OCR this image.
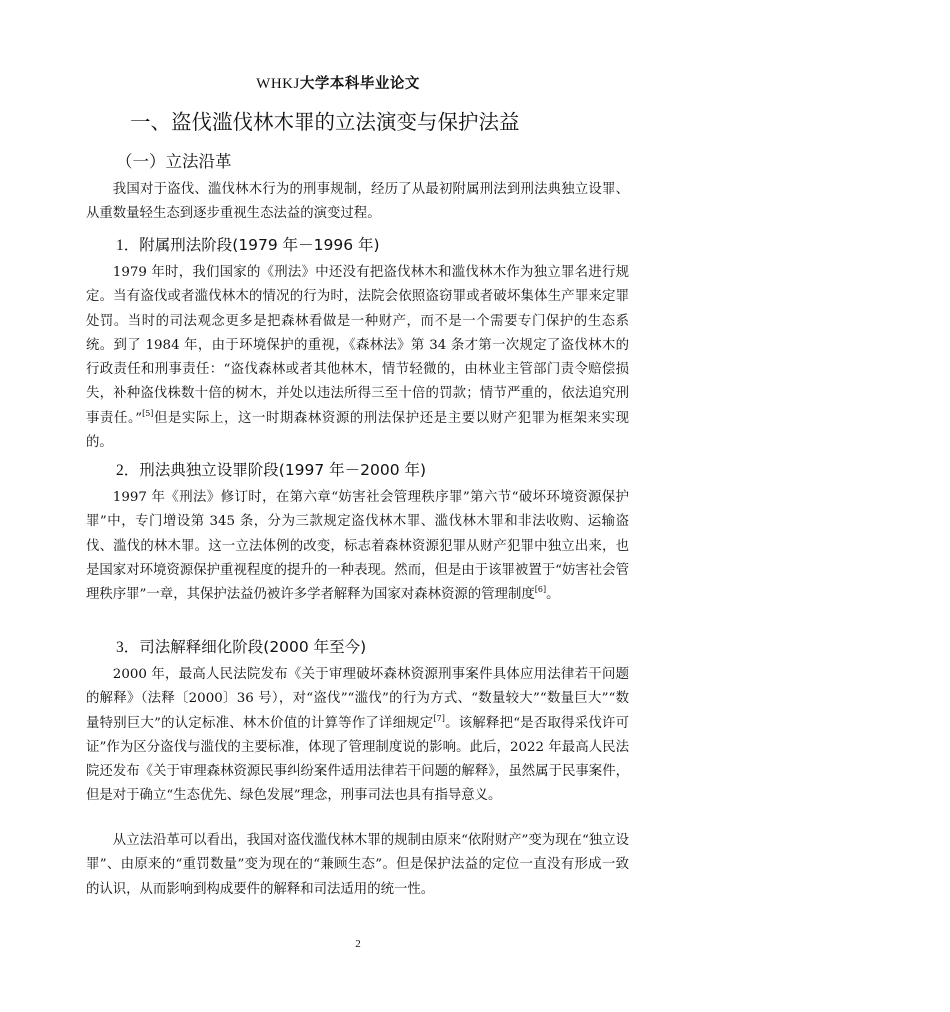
WHKJ大学本科毕业论文
一、盗伐滥伐林木罪的立法演变与保护法益
（一）立法沿革

我国对于盗伐、滥伐林木行为的刑事规制，经历了从最初附属刑法到刑法典独立设罪、从重数量轻生态到逐步重视生态法益的演变过程。

1．附属刑法阶段(1979 年－1996 年)

1979 年时，我们国家的《刑法》中还没有把盗伐林木和滥伐林木作为独立罪名进行规定。当有盗伐或者滥伐林木的情况的行为时，法院会依照盗窃罪或者破坏集体生产罪来定罪处罚。当时的司法观念更多是把森林看做是一种财产，而不是一个需要专门保护的生态系统。到了 1984 年，由于环境保护的重视，《森林法》第 34 条才第一次规定了盗伐林木的行政责任和刑事责任：“盗伐森林或者其他林木，情节轻微的，由林业主管部门责令赔偿损失，补种盗伐株数十倍的树木，并处以违法所得三至十倍的罚款；情节严重的，依法追究刑事责任。”[5]但是实际上，这一时期森林资源的刑法保护还是主要以财产犯罪为框架来实现的。

2．刑法典独立设罪阶段(1997 年－2000 年)

1997 年《刑法》修订时，在第六章“妨害社会管理秩序罪”第六节“破坏环境资源保护罪”中，专门增设第 345 条，分为三款规定盗伐林木罪、滥伐林木罪和非法收购、运输盗伐、滥伐的林木罪。这一立法体例的改变，标志着森林资源犯罪从财产犯罪中独立出来，也是国家对环境资源保护重视程度的提升的一种表现。然而，但是由于该罪被置于“妨害社会管理秩序罪”一章，其保护法益仍被许多学者解释为国家对森林资源的管理制度[6]。

3．司法解释细化阶段(2000 年至今)

2000 年，最高人民法院发布《关于审理破坏森林资源刑事案件具体应用法律若干问题的解释》（法释〔2000〕36 号），对“盗伐”“滥伐”的行为方式、“数量较大”“数量巨大”“数量特别巨大”的认定标准、林木价值的计算等作了详细规定[7]。该解释把“是否取得采伐许可证”作为区分盗伐与滥伐的主要标准，体现了管理制度说的影响。此后，2022 年最高人民法院还发布《关于审理森林资源民事纠纷案件适用法律若干问题的解释》，虽然属于民事案件，但是对于确立“生态优先、绿色发展”理念，刑事司法也具有指导意义。

从立法沿革可以看出，我国对盗伐滥伐林木罪的规制由原来“依附财产”变为现在“独立设罪”、由原来的“重罚数量”变为现在的“兼顾生态”。但是保护法益的定位一直没有形成一致的认识，从而影响到构成要件的解释和司法适用的统一性。

2
